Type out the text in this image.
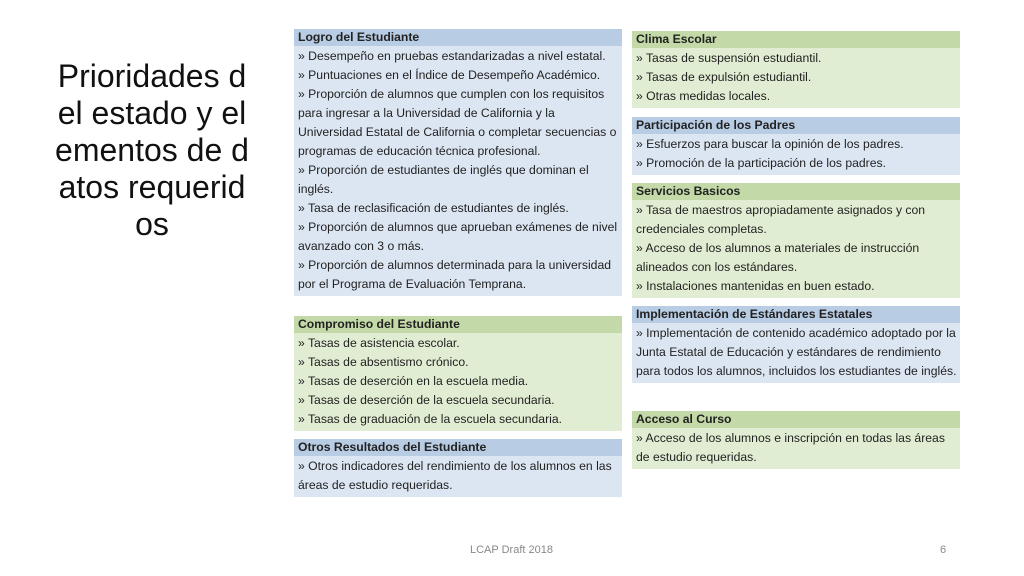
Prioridades del estado y elementos de datos requeridos
Logro del Estudiante
» Desempeño en pruebas estandarizadas a nivel estatal.
» Puntuaciones en el Índice de Desempeño Académico.
» Proporción de alumnos que cumplen con los requisitos para ingresar a la Universidad de California y la Universidad Estatal de California o completar secuencias o programas de educación técnica profesional.
» Proporción de estudiantes de inglés que dominan el inglés.
» Tasa de reclasificación de estudiantes de inglés.
» Proporción de alumnos que aprueban exámenes de nivel avanzado con 3 o más.
» Proporción de alumnos determinada para la universidad por el Programa de Evaluación Temprana.
Compromiso del Estudiante
» Tasas de asistencia escolar.
» Tasas de absentismo crónico.
» Tasas de deserción en la escuela media.
» Tasas de deserción de la escuela secundaria.
» Tasas de graduación de la escuela secundaria.
Otros Resultados del Estudiante
» Otros indicadores del rendimiento de los alumnos en las áreas de estudio requeridas.
Clima Escolar
» Tasas de suspensión estudiantil.
» Tasas de expulsión estudiantil.
» Otras medidas locales.
Participación de los Padres
» Esfuerzos para buscar la opinión de los padres.
» Promoción de la participación de los padres.
Servicios Basicos
» Tasa de maestros apropiadamente asignados y con credenciales completas.
» Acceso de los alumnos a materiales de instrucción alineados con los estándares.
» Instalaciones mantenidas en buen estado.
Implementación de Estándares Estatales
» Implementación de contenido académico adoptado por la Junta Estatal de Educación y estándares de rendimiento para todos los alumnos, incluidos los estudiantes de inglés.
Acceso al Curso
» Acceso de los alumnos e inscripción en todas las áreas de estudio requeridas.
LCAP Draft 2018	6
